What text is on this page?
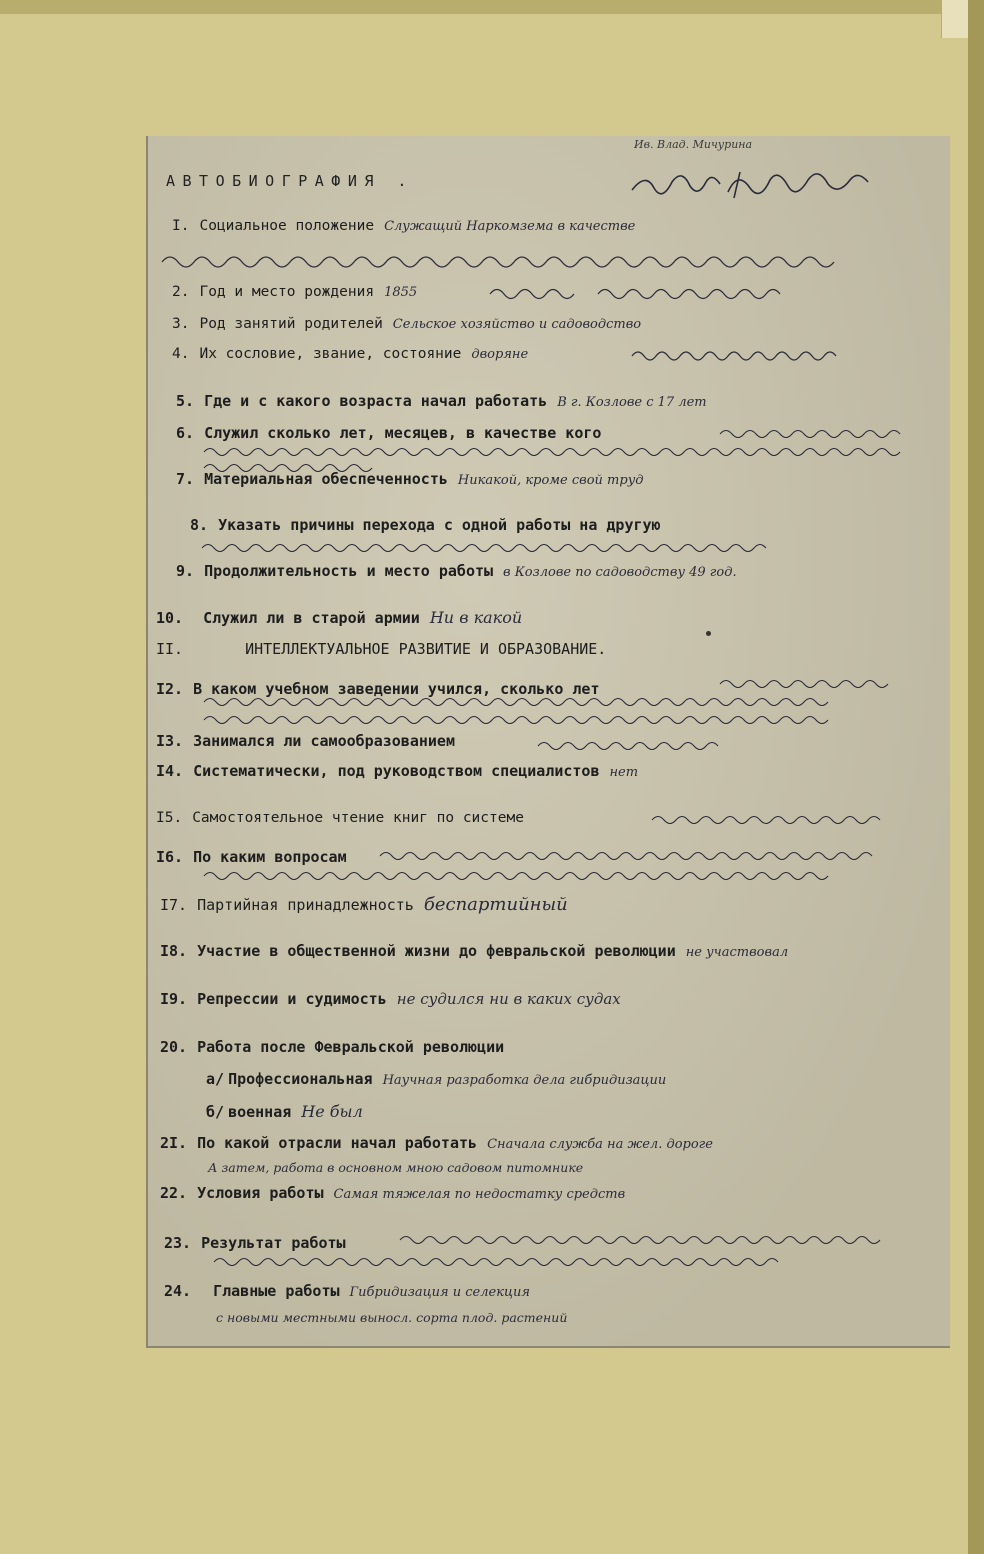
АВТОБИОГРАФИЯ .
Ив. Влад. Мичурина
I. Социальное положение Служащий Наркомзема в качестве
2. Год и место рождения 1855
3. Род занятий родителей Сельское хозяйство и садоводство
4. Их сословие, звание, состояние дворяне
5. Где и с какого возраста начал работать В г. Козлове с 17 лет
6. Служил сколько лет, месяцев, в качестве кого
7. Материальная обеспеченность Никакой, кроме свой труд
8. Указать причины перехода с одной работы на другую
9. Продолжительность и место работы в Козлове по садоводству 49 год.
10. Служил ли в старой армии Ни в какой
II.	ИНТЕЛЛЕКТУАЛЬНОЕ РАЗВИТИЕ И ОБРАЗОВАНИЕ.
I2. В каком учебном заведении учился, сколько лет
I3. Занимался ли самообразованием
I4. Систематически, под руководством специалистов нет
I5. Самостоятельное чтение книг по системе
I6. По каким вопросам
I7. Партийная принадлежность беспартийный
I8. Участие в общественной жизни до февральской революции не участвовал
I9. Репрессии и судимость не судился ни в каких судах
20. Работа после Февральской революции
а/ Профессиональная Научная разработка дела гибридизации
б/ военная Не был
2I. По какой отрасли начал работать Сначала служба на жел. дороге
А затем, работа в основном мною садовом питомнике
22. Условия работы Самая тяжелая по недостатку средств
23. Результат работы
24. Главные работы Гибридизация и селекция
с новыми местными выносл. сорта плод. растений
